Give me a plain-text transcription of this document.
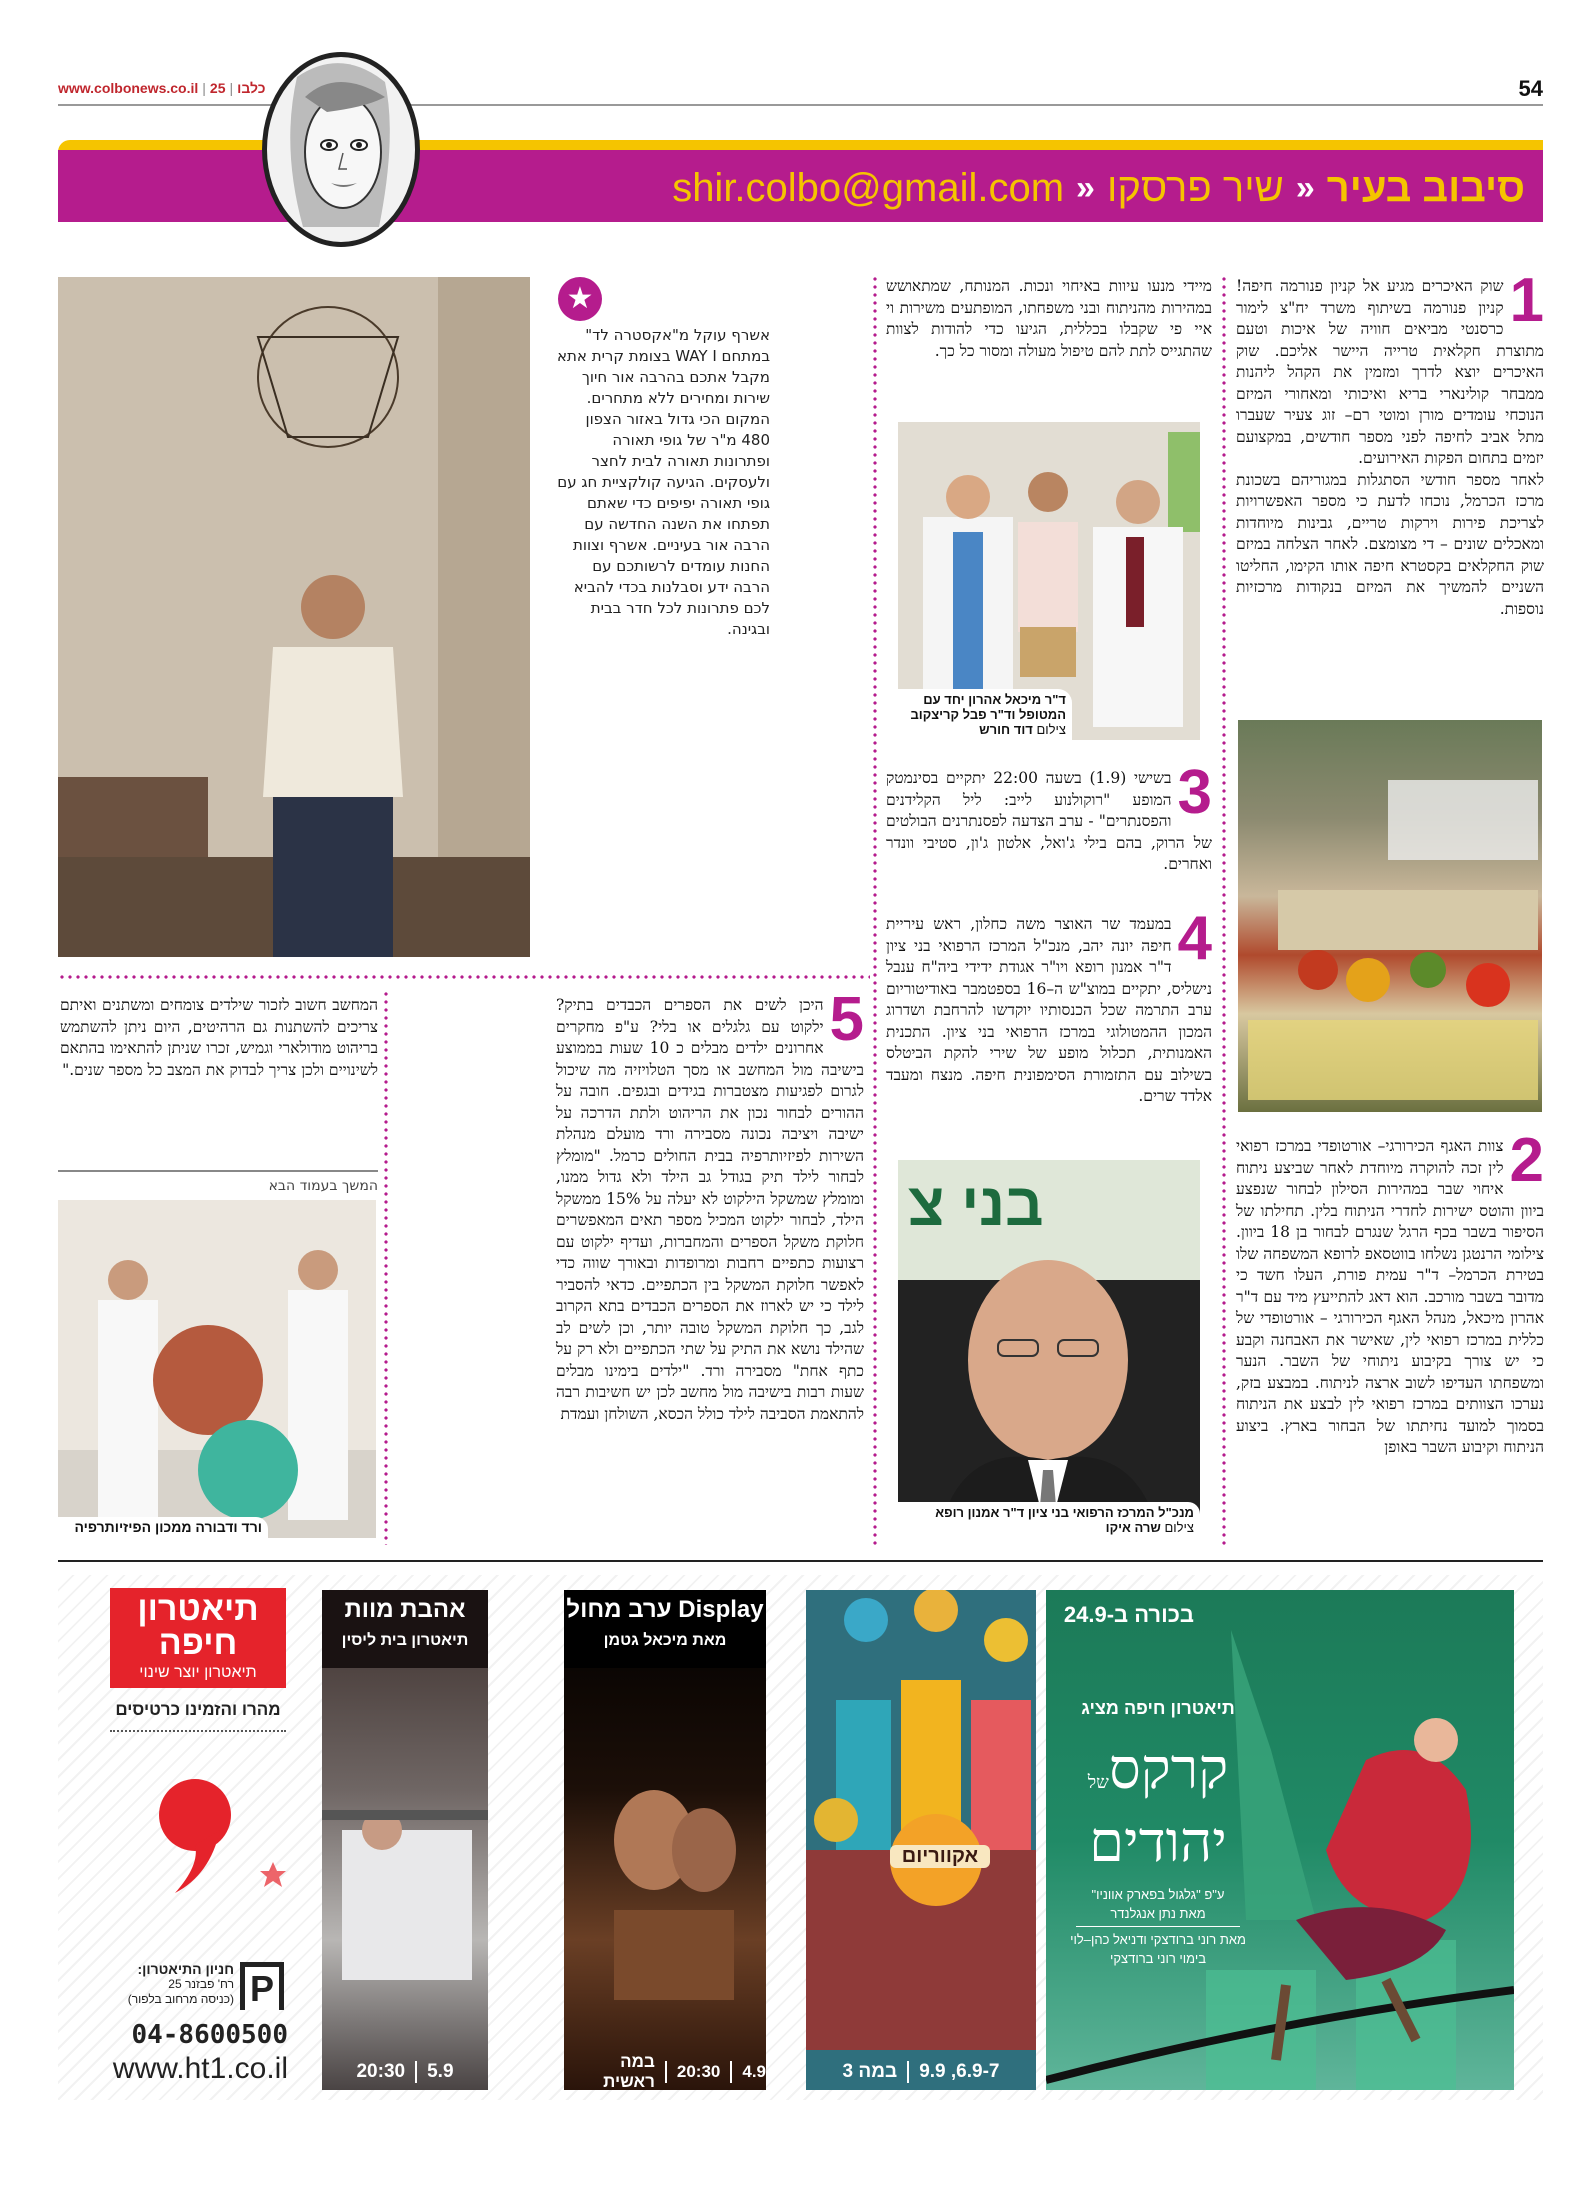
www.colbonews.co.il | כלבו|25	54
סיבוב בעיר
«
שיר פרסקו
«
shir.colbo@gmail.com
1
שוק האיכרים מגיע אל קניון פנורמה חיפה! קניון פנורמה בשיתוף משרד יח"צ לימור כרסנטי מביאים חוויה של איכות וטעם מתוצרת חקלאית טרייה היישר אליכם. שוק האיכרים יוצא לדרך ומזמין את הקהל ליהנות ממבחר קולינארי בריא ואיכותי ומאחורי המיזם הנוכחי עומדים מורן ומוטי רם– זוג צעיר שעברו מתל אביב לחיפה לפני מספר חודשים, במקצועם יזמים בתחום הפקות האירועים.
לאחר מספר חודשי הסתגלות במגוריהם בשכונת מרכז הכרמל, נוכחו לדעת כי מספר האפשרויות לצריכת פירות וירקות טריים, גבינות מיוחדות ומאכלים שונים – די מצומצם. לאחר הצלחה במיזם שוק החקלאים בקסטרא חיפה אותו הקימו, החליטו השניים להמשיך את המיזם בנקודות מרכזיות נוספות.
2
צוות האגף הכירורגי– אורטופדי במרכז רפואי לין זכה להוקרה מיוחדת לאחר שביצע ניתוח איחוי שבר במהירות הסילון לבחור שנפצע ביוון והוטס ישירות לחדרי הניתוח בלין. תחילתו של הסיפור בשבר בכף הרגל שנגרם לבחור בן 18 ביוון. צילומי הרנטגן נשלחו בווטסאפ לרופא המשפחה שלו בטירת הכרמל– ד"ר עמית פורת, העלו חשד כי מדובר בשבר מורכב. הוא דאג להתייעץ מיד עם ד"ר אהרון מיכאל, מנהל האגף הכירורגי – אורטופדי של כללית במרכז רפואי לין, שאישר את האבחנה וקבע כי יש צורך בקיבוע ניתוחי של השבר. הנער ומשפחתו העדיפו לשוב ארצה לניתוח. במבצע בזק, נערכו הצוותים במרכז רפואי לין לבצע את הניתוח בסמוך למועד נחיתתו של הבחור בארץ. ביצוע הניתוח וקיבוע השבר באופן
מיידי מנעו עיוות באיחוי ונכות. המנותח, שמתאושש במהירות מהניתוח ובני משפחתו, המופתעים משירות וי איי פי שקבלו בכללית, הגיעו כדי להודות לצוות שהתגייס לתת להם טיפול מעולה ומסור כל כך.
ד"ר מיכאל אהרון יחד עם המטופל וד"ר פבל קריצקוב
צילום דוד חורש
3
בשישי (1.9) בשעה 22:00 יתקיים בסינמטק המופע "רוקולנוע לייב: ליל הקלידנים והפסנתרים" - ערב הצדעה לפסנתרנים הבולטים של הרוק, בהם בילי ג'ואל, אלטון ג'ון, סטיבי וונדר ואחרים.
4
במעמד שר האוצר משה כחלון, ראש עיריית חיפה יונה יהב, מנכ"ל המרכז הרפואי בני ציון ד"ר אמנון רופא ויו"ר אגודת ידידי ביה"ח ענבל נישליס, יתקיים במוצ"ש ה–16 בספטמבר באודיטוריום ערב התרמה שכל הכנסותיו יוקדשו להרחבת ושדרוג המכון ההמטולוגי במרכז הרפואי בני ציון. התכנית האמנותית, תכלול מופע של שירי להקת הביטלס בשילוב עם התזמורת הסימפונית חיפה. מנצח ומעבד אלדד שרים.
בני צ
מנכ"ל המרכז הרפואי בני ציון ד"ר אמנון רופא
צילום שרה איקו
★
אשרף עוקל מ"אקסטרה לד" במתחם WAY I בצומת קרית אתא מקבל אתכם בהרבה אור חיוך שירות ומחירים ללא מתחרים. המקום הכי גדול באזור הצפון 480 מ"ר של גופי תאורה ופתרונות תאורה לבית לחצר ולעסקים. הגיעה קולקציית חג עם גופי תאורה יפיפים כדי שאתם תפתחו את השנה החדשה עם הרבה אור בעיניים. אשרף וצוות החנות עומדים לרשותכם עם הרבה ידע וסבלנות בכדי להביא לכם פתרונות לכל חדר בבית ובגינה.
5
היכן לשים את הספרים הכבדים בתיק? ילקוט עם גלגלים או בלי? ע"פ מחקרים אחרונים ילדים מבלים כ 10 שעות בממוצע בישיבה מול המחשב או מסך הטלויזיה מה שיכול לגרום לפגיעות מצטברות בגידים ובגפים. חובה על ההורים לבחור נכון את הריהוט ולתת הדרכה על ישיבה ויציבה נכונה מסבירה ורד מועלם מנהלת השירות לפיזיותרפיה בבית החולים כרמל. "מומלץ לבחור לילד תיק בגודל גב הילד ולא גדול ממנו, ומומלץ שמשקל הילקוט לא יעלה על 15% ממשקל הילד, לבחור ילקוט המכיל מספר תאים המאפשרים חלוקת משקל הספרים והמחברות, ועדיף ילקוט עם רצועות כתפיים רחבות ומרופדות ובאורך שווה כדי לאפשר חלוקת המשקל בין הכתפיים. כדאי להסביר לילד כי יש לארוז את הספרים הכבדים בתא הקרוב לגב, כך חלוקת המשקל טובה יותר, וכן לשים לב שהילד נושא את התיק על שתי הכתפיים ולא רק על כתף אחת" מסבירה ורד. "ילדים בימינו מבלים שעות רבות בישיבה מול מחשב לכן יש חשיבות רבה להתאמת הסביבה לילד כולל הכסא, השולחן ועמדת
המחשב חשוב לזכור שילדים צומחים ומשתנים ואיתם צריכים להשתנות גם הרהיטים, היום ניתן להשתמש בריהוט מודולארי וגמיש, זכרו שניתן להתאימו בהתאם לשינויים ולכן צריך לבדוק את המצב כל מספר שנים."
המשך בעמוד הבא
ורד ודבורה ממכון הפיזיותרפיה
תיאטרון
חיפה
תיאטרון יוצר שינוי
מהרו והזמינו כרטיסים
P
חניון התיאטרון:
רח' פבזנר 25
(כניסה מרחוב בלפור)
04-8600500
www.ht1.co.il
אהבת מוות
תיאטרון בית ליסין
5.9
20:30
Display ערב מחול
מאת מיכאל גטמן
4.9
20:30
במה ראשית
אקווריום
6.9-7, 9.9
במה 3
בכורה ב-24.9
תיאטרון חיפה מציג
קרקסשל
יהודים
ע"פ "גלגול בפארק אווניו"
מאת נתן אנגלנדר
מאת רוני ברודצקי ודניאל כהן–לוי
בימוי רוני ברודצקי
